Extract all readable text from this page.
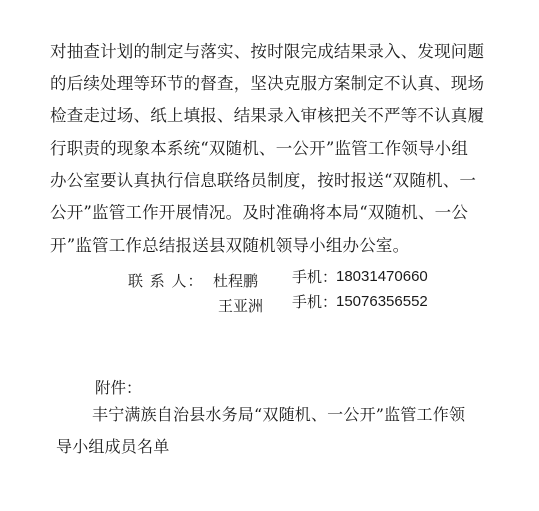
对抽查计划的制定与落实、按时限完成结果录入、发现问题
的后续处理等环节的督查，坚决克服方案制定不认真、现场
检查走过场、纸上填报、结果录入审核把关不严等不认真履
行职责的现象本系统“双随机、一公开”监管工作领导小组
办公室要认真执行信息联络员制度，按时报送“双随机、一
公开”监管工作开展情况。及时准确将本局“双随机、一公
开”监管工作总结报送县双随机领导小组办公室。
联 系 人： 杜程鹏 手机：
18031470660
王亚洲 手机：
15076356552
附件：
丰宁满族自治县水务局“双随机、一公开”监管工作领
导小组成员名单
